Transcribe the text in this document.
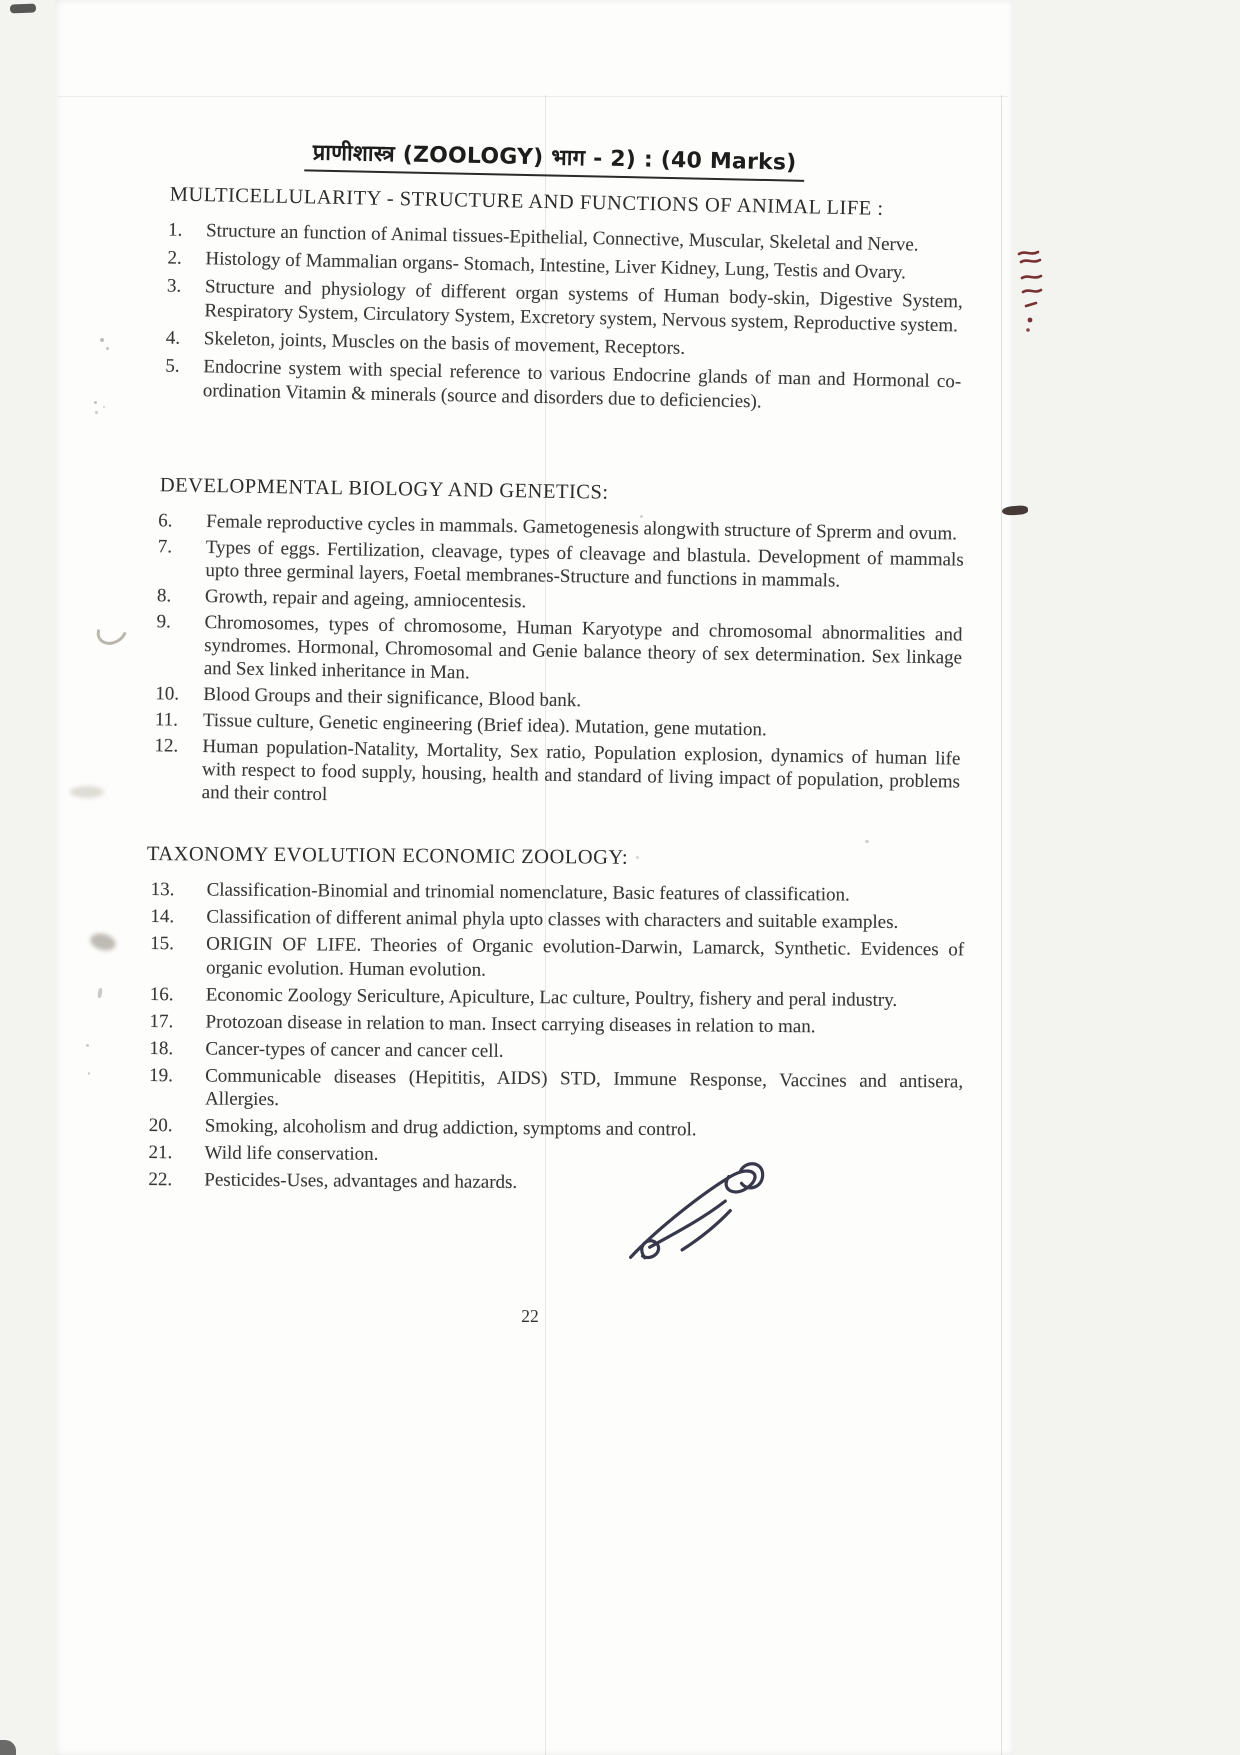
प्राणीशास्त्र (ZOOLOGY) भाग - 2) : (40 Marks)
MULTICELLULARITY - STRUCTURE AND FUNCTIONS OF ANIMAL LIFE :
1.	Structure an function of Animal tissues-Epithelial, Connective, Muscular, Skeletal and Nerve.
2.	Histology of Mammalian organs- Stomach, Intestine, Liver Kidney, Lung, Testis and Ovary.
3.	Structure and physiology of different organ systems of Human body-skin, Digestive System, Respiratory System, Circulatory System, Excretory system, Nervous system, Reproductive system.
4.	Skeleton, joints, Muscles on the basis of movement, Receptors.
5.	Endocrine system with special reference to various Endocrine glands of man and Hormonal co-ordination Vitamin & minerals (source and disorders due to deficiencies).
DEVELOPMENTAL BIOLOGY AND GENETICS:
6.	Female reproductive cycles in mammals. Gametogenesis alongwith structure of Sprerm and ovum.
7.	Types of eggs. Fertilization, cleavage, types of cleavage and blastula. Development of mammals upto three germinal layers, Foetal membranes-Structure and functions in mammals.
8.	Growth, repair and ageing, amniocentesis.
9.	Chromosomes, types of chromosome, Human Karyotype and chromosomal abnormalities and syndromes. Hormonal, Chromosomal and Genie balance theory of sex determination. Sex linkage and Sex linked inheritance in Man.
10.	Blood Groups and their significance, Blood bank.
11.	Tissue culture, Genetic engineering (Brief idea). Mutation, gene mutation.
12.	Human population-Natality, Mortality, Sex ratio, Population explosion, dynamics of human life with respect to food supply, housing, health and standard of living impact of population, problems and their control
TAXONOMY EVOLUTION ECONOMIC ZOOLOGY:
13.	Classification-Binomial and trinomial nomenclature, Basic features of classification.
14.	Classification of different animal phyla upto classes with characters and suitable examples.
15.	ORIGIN OF LIFE. Theories of Organic evolution-Darwin, Lamarck, Synthetic. Evidences of organic evolution. Human evolution.
16.	Economic Zoology Sericulture, Apiculture, Lac culture, Poultry, fishery and peral industry.
17.	Protozoan disease in relation to man. Insect carrying diseases in relation to man.
18.	Cancer-types of cancer and cancer cell.
19.	Communicable diseases (Hepititis, AIDS) STD, Immune Response, Vaccines and antisera, Allergies.
20.	Smoking, alcoholism and drug addiction, symptoms and control.
21.	Wild life conservation.
22.	Pesticides-Uses, advantages and hazards.
22
